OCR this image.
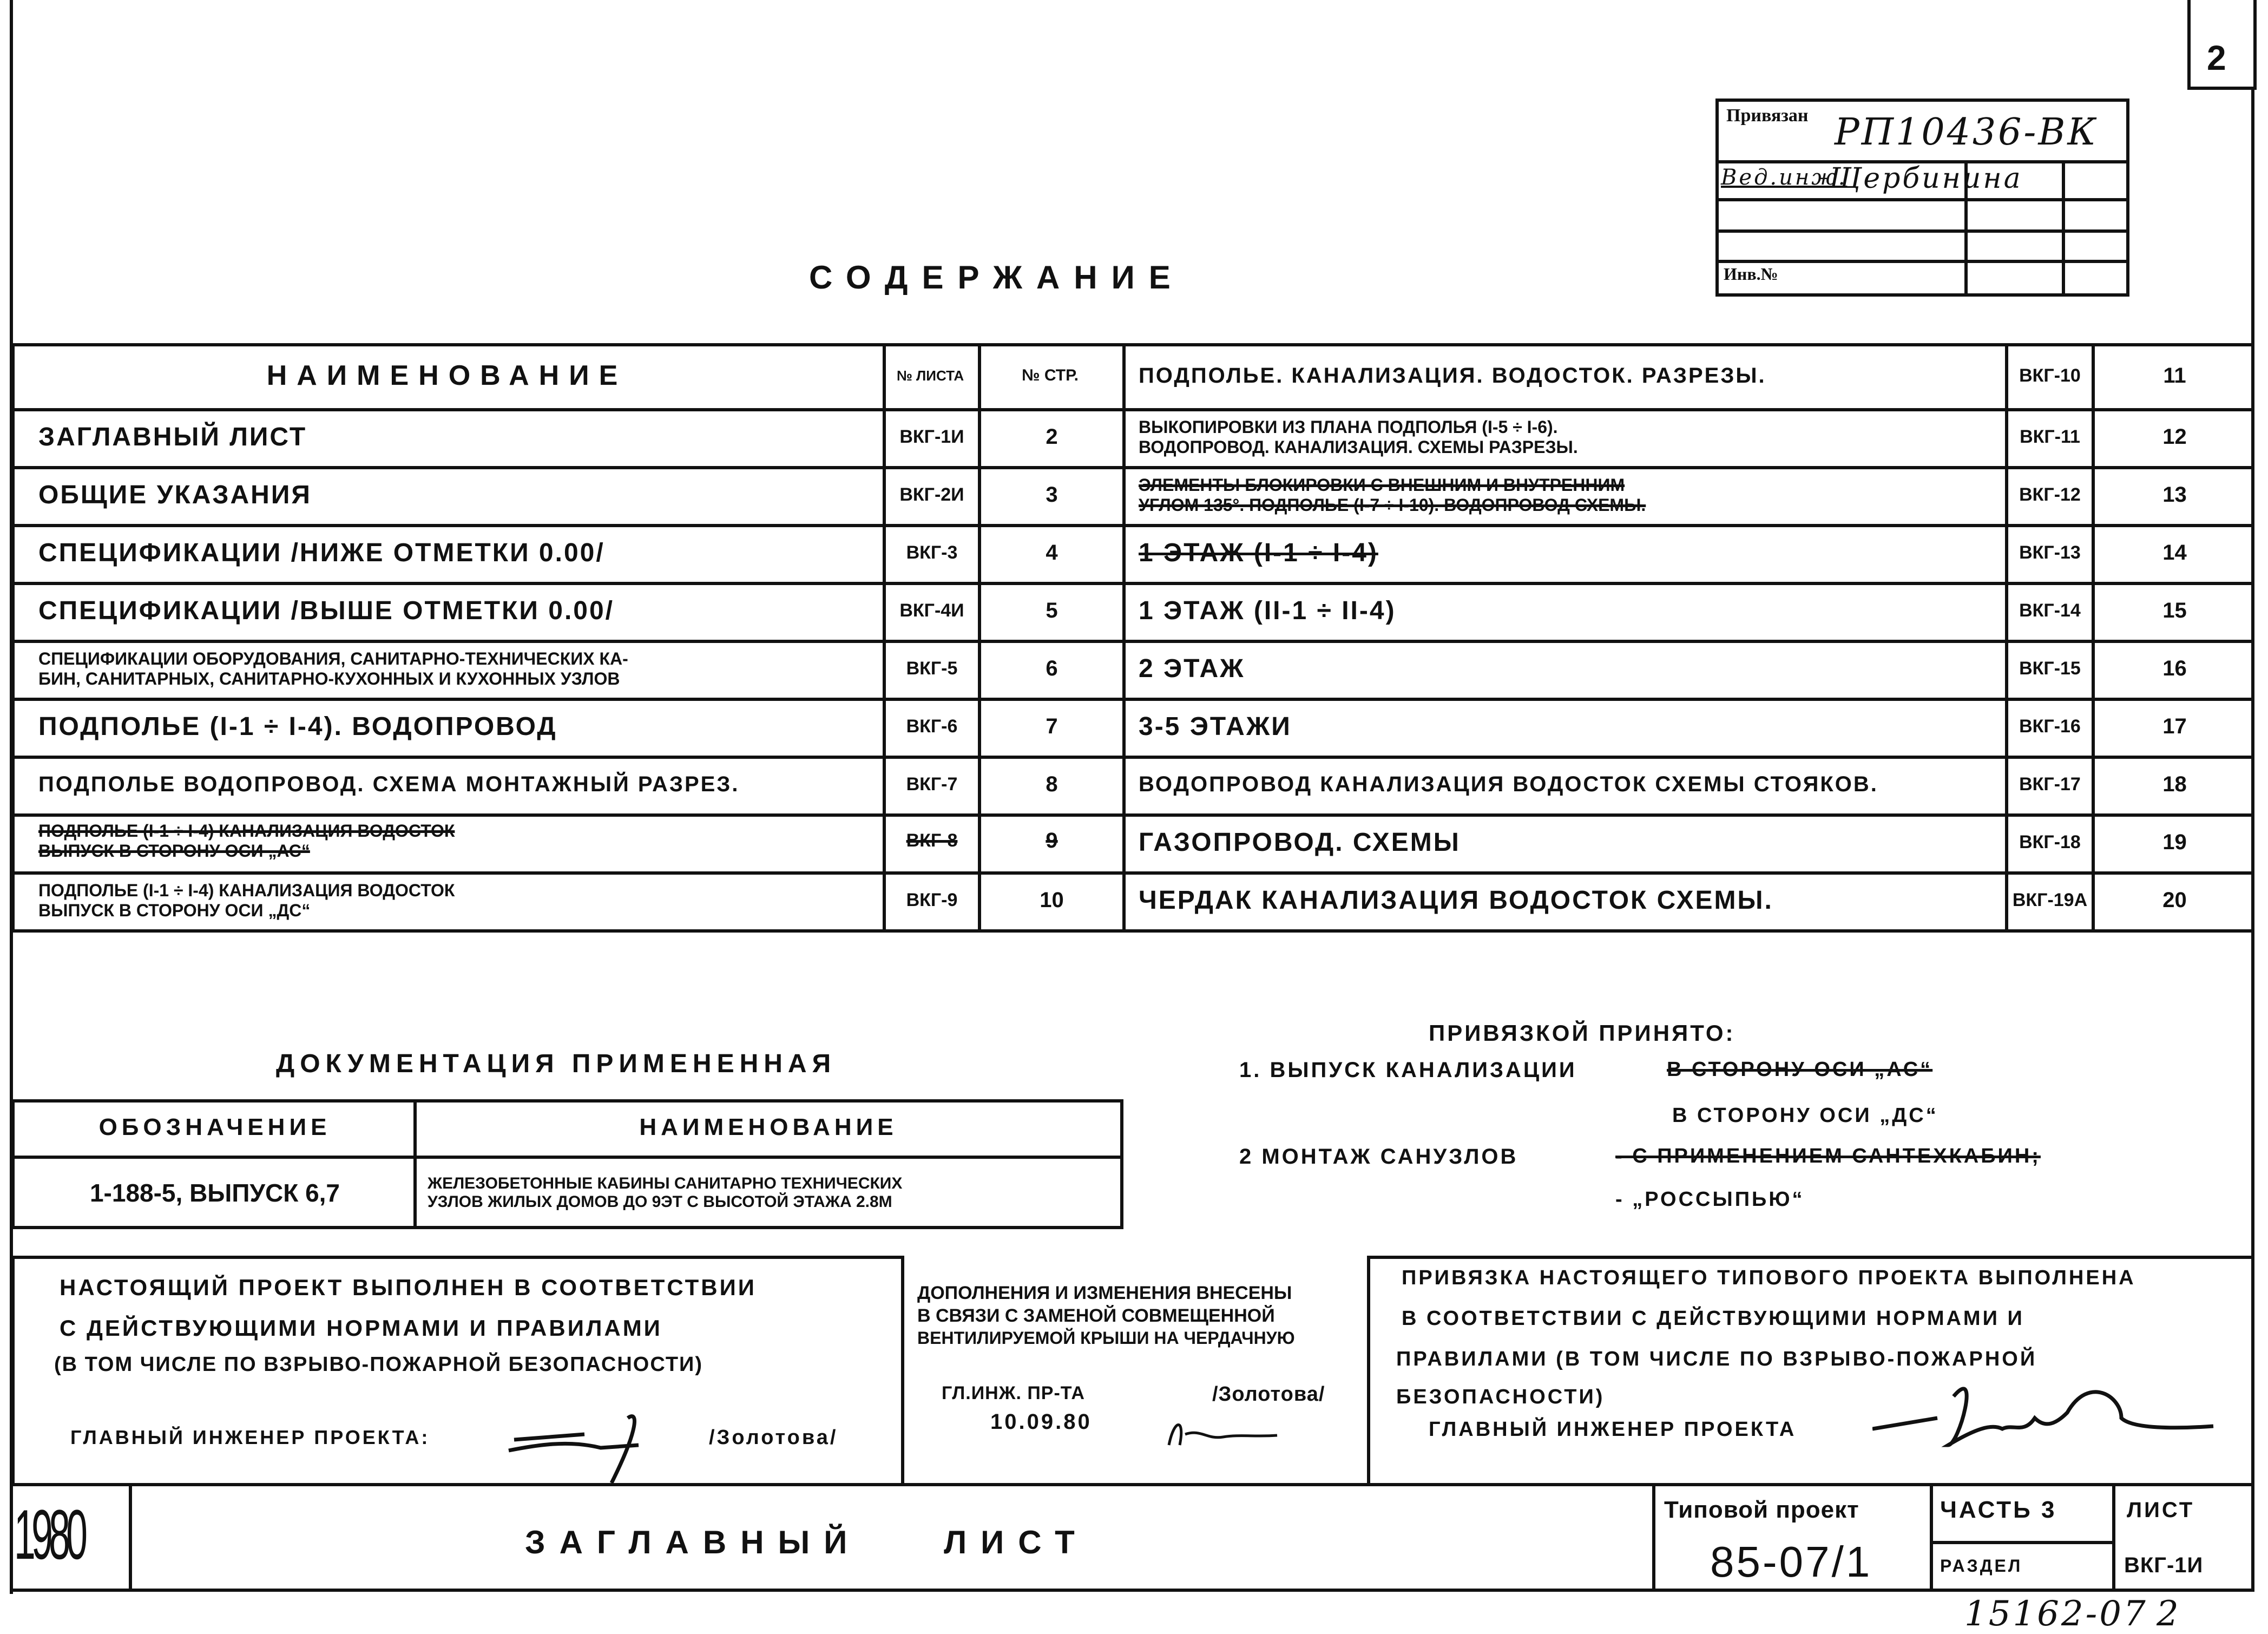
2
Привязан РП10436-ВК
Вед.инж.
Щербинина
Инв.№
СОДЕРЖАНИЕ
НАИМЕНОВАНИЕ	№ ЛИСТА	№ СТР.
ЗАГЛАВНЫЙ ЛИСТ	ВКГ-1И	2
ОБЩИЕ УКАЗАНИЯ	ВКГ-2И	3
СПЕЦИФИКАЦИИ /НИЖЕ ОТМЕТКИ 0.00/	ВКГ-3	4
СПЕЦИФИКАЦИИ /ВЫШЕ ОТМЕТКИ 0.00/	ВКГ-4И	5
СПЕЦИФИКАЦИИ ОБОРУДОВАНИЯ, САНИТАРНО-ТЕХНИЧЕСКИХ КА-
БИН, САНИТАРНЫХ, САНИТАРНО-КУХОННЫХ И КУХОННЫХ УЗЛОВ	ВКГ-5	6
ПОДПОЛЬЕ (I-1 ÷ I-4). ВОДОПРОВОД	ВКГ-6	7
ПОДПОЛЬЕ ВОДОПРОВОД. СХЕМА МОНТАЖНЫЙ РАЗРЕЗ.	ВКГ-7	8
ПОДПОЛЬЕ (I-1 ÷ I-4) КАНАЛИЗАЦИЯ ВОДОСТОК
ВЫПУСК В СТОРОНУ ОСИ „АС“	ВКГ-8	9
ПОДПОЛЬЕ (I-1 ÷ I-4) КАНАЛИЗАЦИЯ ВОДОСТОК
ВЫПУСК В СТОРОНУ ОСИ „ДС“	ВКГ-9	10
ПОДПОЛЬЕ. КАНАЛИЗАЦИЯ. ВОДОСТОК. РАЗРЕЗЫ.	ВКГ-10	11
ВЫКОПИРОВКИ ИЗ ПЛАНА ПОДПОЛЬЯ (I-5 ÷ I-6).
ВОДОПРОВОД. КАНАЛИЗАЦИЯ. СХЕМЫ РАЗРЕЗЫ.	ВКГ-11	12
ЭЛЕМЕНТЫ БЛОКИРОВКИ С ВНЕШНИМ И ВНУТРЕННИМ
УГЛОМ 135°. ПОДПОЛЬЕ (I-7 ÷ I-10). ВОДОПРОВОД СХЕМЫ.	ВКГ-12	13
1 ЭТАЖ (I-1 ÷ I-4)	ВКГ-13	14
1 ЭТАЖ (II-1 ÷ II-4)	ВКГ-14	15
2 ЭТАЖ	ВКГ-15	16
3-5 ЭТАЖИ	ВКГ-16	17
ВОДОПРОВОД КАНАЛИЗАЦИЯ ВОДОСТОК СХЕМЫ СТОЯКОВ.	ВКГ-17	18
ГАЗОПРОВОД. СХЕМЫ	ВКГ-18	19
ЧЕРДАК КАНАЛИЗАЦИЯ ВОДОСТОК СХЕМЫ.	ВКГ-19А	20
ДОКУМЕНТАЦИЯ ПРИМЕНЕННАЯ
ОБОЗНАЧЕНИЕ	НАИМЕНОВАНИЕ
1-188-5, ВЫПУСК 6,7	ЖЕЛЕЗОБЕТОННЫЕ КАБИНЫ САНИТАРНО ТЕХНИЧЕСКИХ
УЗЛОВ ЖИЛЫХ ДОМОВ ДО 9ЭТ С ВЫСОТОЙ ЭТАЖА 2.8М
ПРИВЯЗКОЙ ПРИНЯТО:
1. ВЫПУСК КАНАЛИЗАЦИИ	В СТОРОНУ ОСИ „АС“
В СТОРОНУ ОСИ „ДС“
2 МОНТАЖ САНУЗЛОВ	- С ПРИМЕНЕНИЕМ САНТЕХКАБИН;
- „РОССЫПЬЮ“
НАСТОЯЩИЙ ПРОЕКТ ВЫПОЛНЕН В СООТВЕТСТВИИ
С ДЕЙСТВУЮЩИМИ НОРМАМИ И ПРАВИЛАМИ
(В ТОМ ЧИСЛЕ ПО ВЗРЫВО-ПОЖАРНОЙ БЕЗОПАСНОСТИ)
ГЛАВНЫЙ ИНЖЕНЕР ПРОЕКТА:	/Золотова/
ДОПОЛНЕНИЯ И ИЗМЕНЕНИЯ ВНЕСЕНЫ
В СВЯЗИ С ЗАМЕНОЙ СОВМЕЩЕННОЙ
ВЕНТИЛИРУЕМОЙ КРЫШИ НА ЧЕРДАЧНУЮ
ГЛ.ИНЖ. ПР-ТА	/Золотова/
10.09.80
ПРИВЯЗКА НАСТОЯЩЕГО ТИПОВОГО ПРОЕКТА ВЫПОЛНЕНА
В СООТВЕТСТВИИ С ДЕЙСТВУЮЩИМИ НОРМАМИ И
ПРАВИЛАМИ (В ТОМ ЧИСЛЕ ПО ВЗРЫВО-ПОЖАРНОЙ
БЕЗОПАСНОСТИ)
ГЛАВНЫЙ ИНЖЕНЕР ПРОЕКТА
1980	ЗАГЛАВНЫЙ ЛИСТ
Типовой проект
85-07/1
ЧАСТЬ 3
РАЗДЕЛ
ЛИСТ
ВКГ-1И
15162-07 2
